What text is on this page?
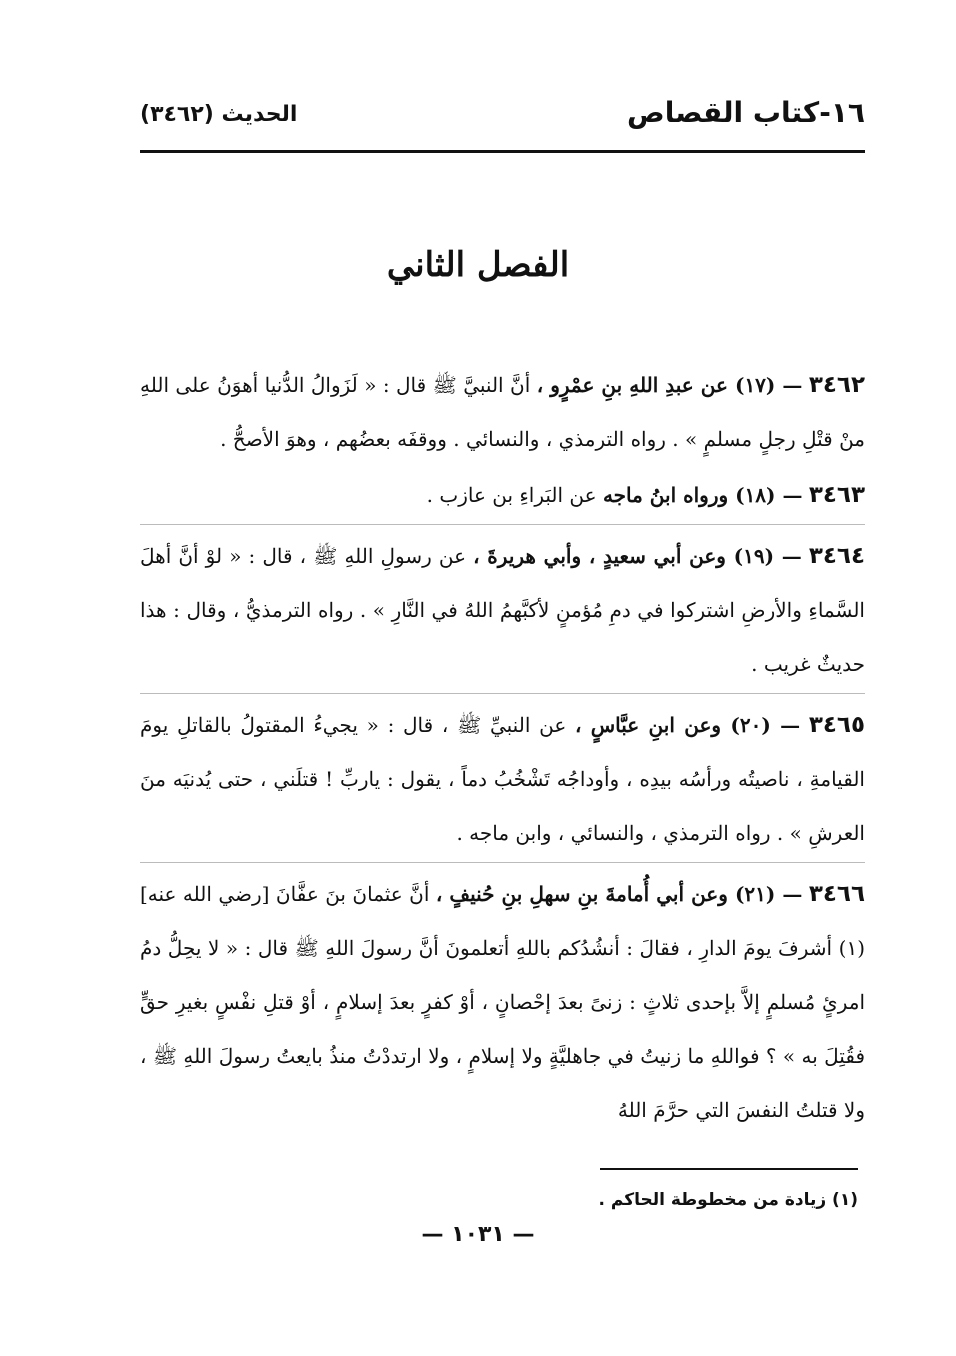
١٦-كتاب القصاص
الحديث (٣٤٦٢)
الفصل الثاني

٣٤٦٢ — (١٧) عن عبدِ اللهِ بنِ عمْرٍو ، أنَّ النبيَّ ﷺ قال : « لَزَوالُ الدُّنيا أهوَنُ على اللهِ منْ قتْلِ رجلٍ مسلمٍ » . رواه الترمذي ، والنسائي . ووقفَه بعضُهم ، وهوَ الأصحُّ .

٣٤٦٣ — (١٨) ورواه ابنُ ماجه عن البَراءِ بن عازب .

٣٤٦٤ — (١٩) وعن أبي سعيدٍ ، وأبي هريرةَ ، عن رسولِ اللهِ ﷺ ، قال : « لوْ أنَّ أهلَ السَّماءِ والأرضِ اشتركوا في دمِ مُؤمنٍ لأكبَّهمُ اللهُ في النَّارِ » . رواه الترمذيُّ ، وقال : هذا حديثٌ غريب .

٣٤٦٥ — (٢٠) وعن ابنِ عبَّاسٍ ، عن النبيِّ ﷺ ، قال : « يجيءُ المقتولُ بالقاتلِ يومَ القيامةِ ، ناصيتُه ورأسُه بيدِه ، وأوداجُه تَشْخُبُ دماً ، يقول : ياربِّ ! قتلَني ، حتى يُدنيَه منَ العرشِ » . رواه الترمذي ، والنسائي ، وابن ماجه .

٣٤٦٦ — (٢١) وعن أبي أُمامةَ بنِ سهلِ بنِ حُنيفٍ ، أنَّ عثمانَ بنَ عفَّانَ [رضي الله عنه] (١) أشرفَ يومَ الدارِ ، فقالَ : أنشُدُكم باللهِ أتعلمونَ أنَّ رسولَ اللهِ ﷺ قال : « لا يحِلُّ دمُ امرئٍ مُسلمٍ إلاَّ بإحدى ثلاثٍ : زنىً بعدَ إحْصانٍ ، أوْ كفرٍ بعدَ إسلامٍ ، أوْ قتلِ نفْسٍ بغيرِ حقٍّ فقُتِلَ به » ؟ فواللهِ ما زنيتُ في جاهليَّةٍ ولا إسلامٍ ، ولا ارتددْتُ منذُ بايعتُ رسولَ اللهِ ﷺ ، ولا قتلتُ النفسَ التي حرَّمَ اللهُ

(١) زيادة من مخطوطة الحاكم .
— ١٠٣١ —
